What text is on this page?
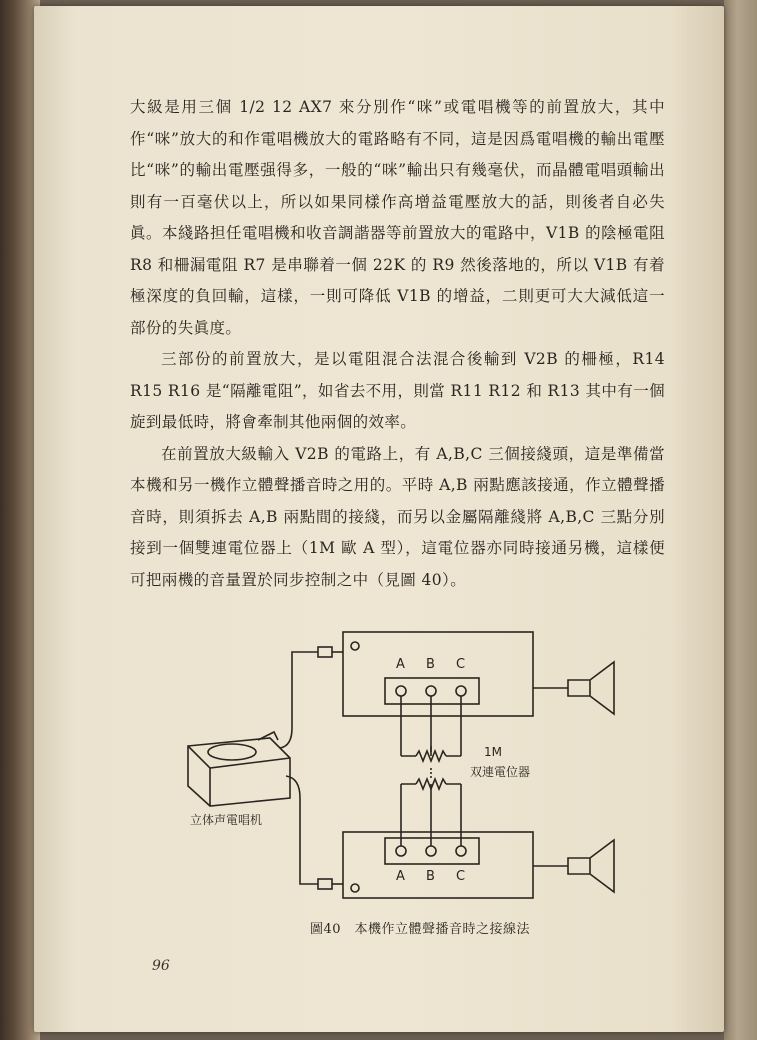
大級是用三個 1/2 12 AX7 來分別作“咪”或電唱機等的前置放大，其中作“咪”放大的和作電唱機放大的電路略有不同，這是因爲電唱機的輸出電壓比“咪”的輸出電壓强得多，一般的“咪”輸出只有幾毫伏，而晶體電唱頭輸出則有一百毫伏以上，所以如果同樣作高增益電壓放大的話，則後者自必失眞。本綫路担任電唱機和收音調諧器等前置放大的電路中，V1B 的陰極電阻 R8 和柵漏電阻 R7 是串聯着一個 22K 的 R9 然後落地的，所以 V1B 有着極深度的負回輸，這樣，一則可降低 V1B 的增益，二則更可大大減低這一部份的失眞度。

三部份的前置放大，是以電阻混合法混合後輸到 V2B 的柵極，R14 R15 R16 是“隔離電阻”，如省去不用，則當 R11 R12 和 R13 其中有一個旋到最低時，將會牽制其他兩個的效率。

在前置放大級輸入 V2B 的電路上，有 A,B,C 三個接綫頭，這是準備當本機和另一機作立體聲播音時之用的。平時 A,B 兩點應該接通，作立體聲播音時，則須拆去 A,B 兩點間的接綫，而另以金屬隔離綫將 A,B,C 三點分別接到一個雙連電位器上（1M 歐 A 型），這電位器亦同時接通另機，這樣便可把兩機的音量置於同步控制之中（見圖 40）。

A B C
A B C
1M
双連電位器
立体声電唱机
圖40　本機作立體聲播音時之接線法
96
